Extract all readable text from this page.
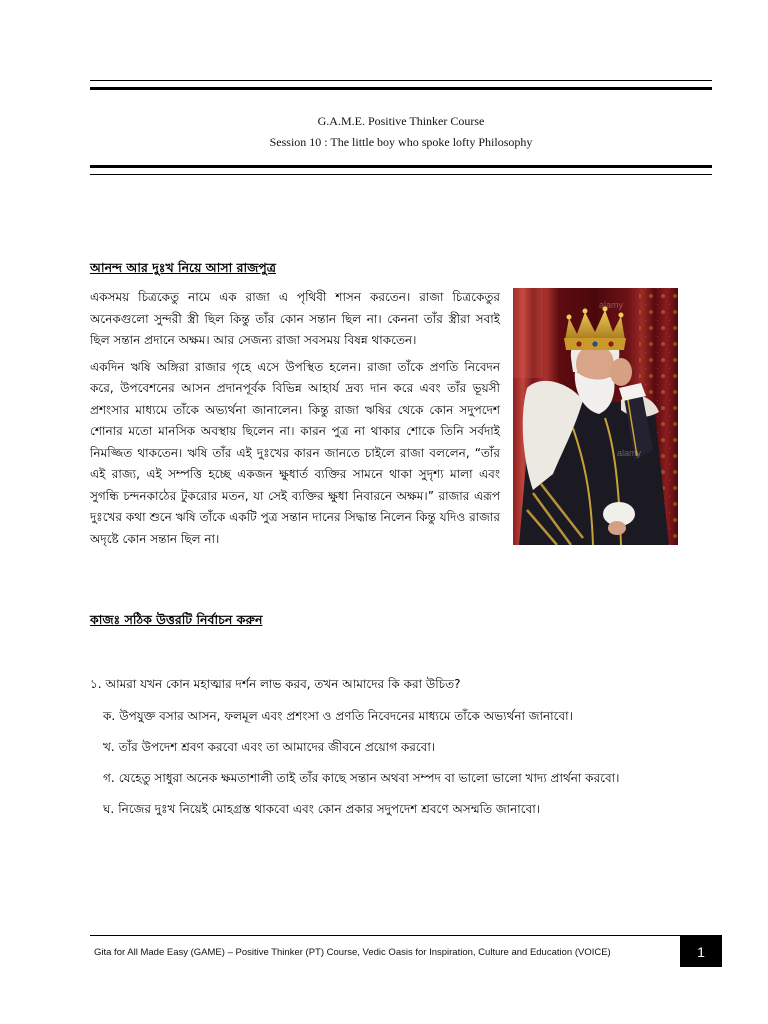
G.A.M.E. Positive Thinker Course
Session 10 : The little boy who spoke lofty Philosophy
আনন্দ আর দুঃখ নিয়ে আসা রাজপুত্র

একসময় চিত্রকেতু নামে এক রাজা এ পৃথিবী শাসন করতেন। রাজা চিত্রকেতুর অনেকগুলো সুন্দরী স্ত্রী ছিল কিন্তু তাঁর কোন সন্তান ছিল না। কেননা তাঁর স্ত্রীরা সবাই ছিল সন্তান প্রদানে অক্ষম। আর সেজন্য রাজা সবসময় বিষন্ন থাকতেন।

একদিন ঋষি অঙ্গিরা রাজার গৃহে এসে উপস্থিত হলেন। রাজা তাঁকে প্রণতি নিবেদন করে, উপবেশনের আসন প্রদানপূর্বক বিভিন্ন আহার্য দ্রব্য দান করে এবং তাঁর ভূয়সী প্রশংসার মাধ্যমে তাঁকে অভ্যর্থনা জানালেন। কিন্তু রাজা ঋষির থেকে কোন সদুপদেশ শোনার মতো মানসিক অবস্থায় ছিলেন না। কারন পুত্র না থাকার শোকে তিনি সর্বদাই নিমজ্জিত থাকতেন। ঋষি তাঁর এই দুঃখের কারন জানতে চাইলে রাজা বললেন, “তাঁর এই রাজ্য, এই সম্পত্তি হচ্ছে একজন ক্ষুধার্ত ব্যক্তির সামনে থাকা সুদৃশ্য মালা এবং সুগন্ধি চন্দনকাঠের টুকরোর মতন, যা সেই ব্যক্তির ক্ষুধা নিবারনে অক্ষম।” রাজার এরূপ দুঃখের কথা শুনে ঋষি তাঁকে একটি পুত্র সন্তান দানের সিদ্ধান্ত নিলেন কিন্তু যদিও রাজার অদৃষ্টে কোন সন্তান ছিল না।

alamy
alamy
কাজঃ সঠিক উত্তরটি নির্বাচন করুন
১. আমরা যখন কোন মহাত্মার দর্শন লাভ করব, তখন আমাদের কি করা উচিত?
ক. উপযুক্ত বসার আসন, ফলমূল এবং প্রশংসা ও প্রণতি নিবেদনের মাধ্যমে তাঁকে অভ্যর্থনা জানাবো।
খ. তাঁর উপদেশ শ্রবণ করবো এবং তা আমাদের জীবনে প্রয়োগ করবো।
গ. যেহেতু সাধুরা অনেক ক্ষমতাশালী তাই তাঁর কাছে সন্তান অথবা সম্পদ বা ভালো ভালো খাদ্য প্রার্থনা করবো।
ঘ. নিজের দুঃখ নিয়েই মোহগ্রস্ত থাকবো এবং কোন প্রকার সদুপদেশ শ্রবণে অসম্মতি জানাবো।
Gita for All Made Easy (GAME) – Positive Thinker (PT) Course, Vedic Oasis for Inspiration, Culture and Education (VOICE)	1
